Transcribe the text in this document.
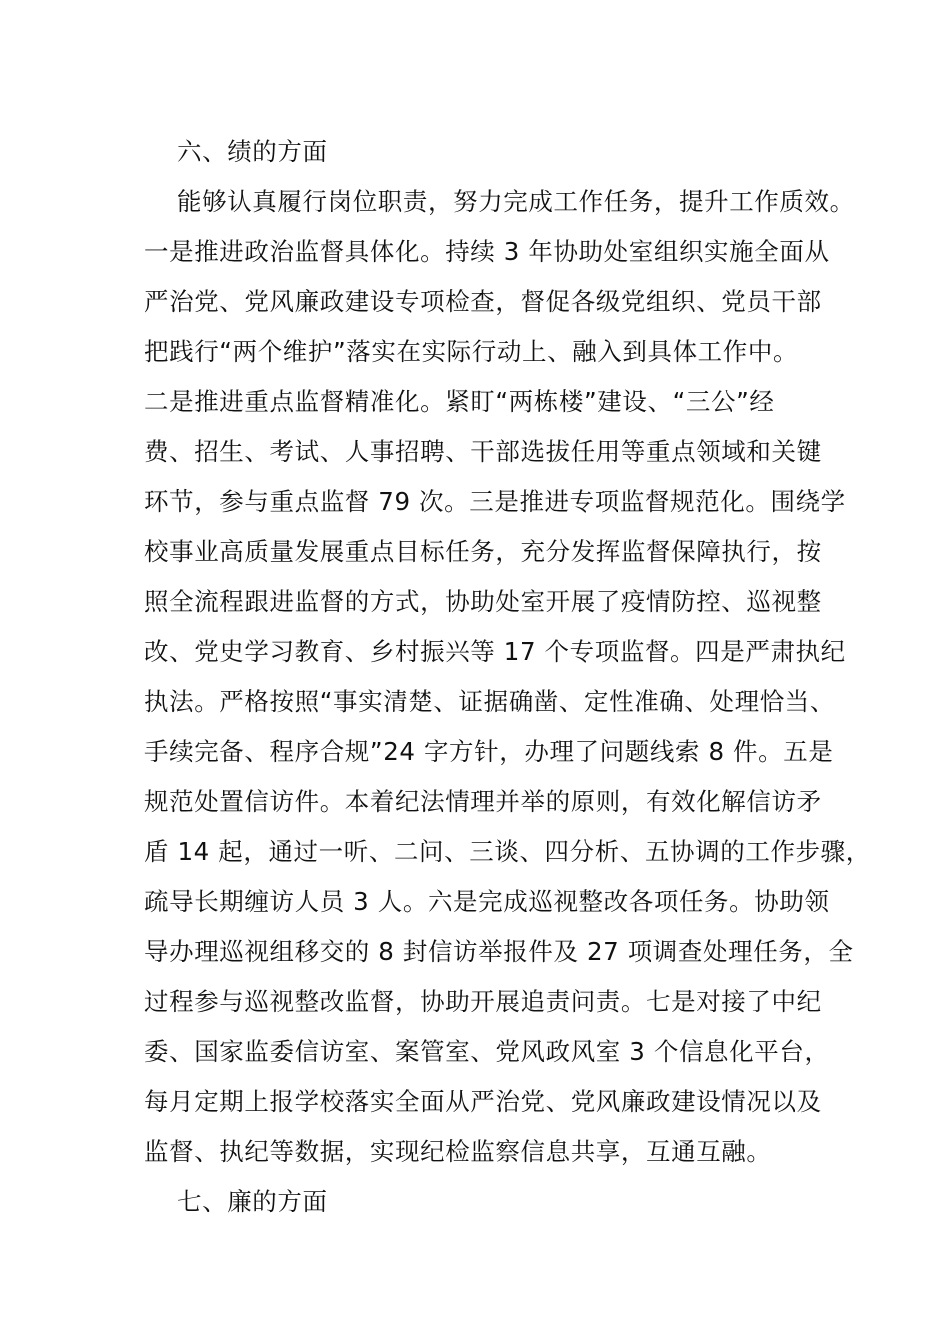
六、绩的方面
能够认真履行岗位职责，努力完成工作任务，提升工作质效。
一是推进政治监督具体化。持续 3 年协助处室组织实施全面从
严治党、党风廉政建设专项检查，督促各级党组织、党员干部
把践行“两个维护”落实在实际行动上、融入到具体工作中。
二是推进重点监督精准化。紧盯“两栋楼”建设、“三公”经
费、招生、考试、人事招聘、干部选拔任用等重点领域和关键
环节，参与重点监督 79 次。三是推进专项监督规范化。围绕学
校事业高质量发展重点目标任务，充分发挥监督保障执行，按
照全流程跟进监督的方式，协助处室开展了疫情防控、巡视整
改、党史学习教育、乡村振兴等 17 个专项监督。四是严肃执纪
执法。严格按照“事实清楚、证据确凿、定性准确、处理恰当、
手续完备、程序合规”24 字方针，办理了问题线索 8 件。五是
规范处置信访件。本着纪法情理并举的原则，有效化解信访矛
盾 14 起，通过一听、二问、三谈、四分析、五协调的工作步骤，
疏导长期缠访人员 3 人。六是完成巡视整改各项任务。协助领
导办理巡视组移交的 8 封信访举报件及 27 项调查处理任务，全
过程参与巡视整改监督，协助开展追责问责。七是对接了中纪
委、国家监委信访室、案管室、党风政风室 3 个信息化平台，
每月定期上报学校落实全面从严治党、党风廉政建设情况以及
监督、执纪等数据，实现纪检监察信息共享，互通互融。
七、廉的方面
